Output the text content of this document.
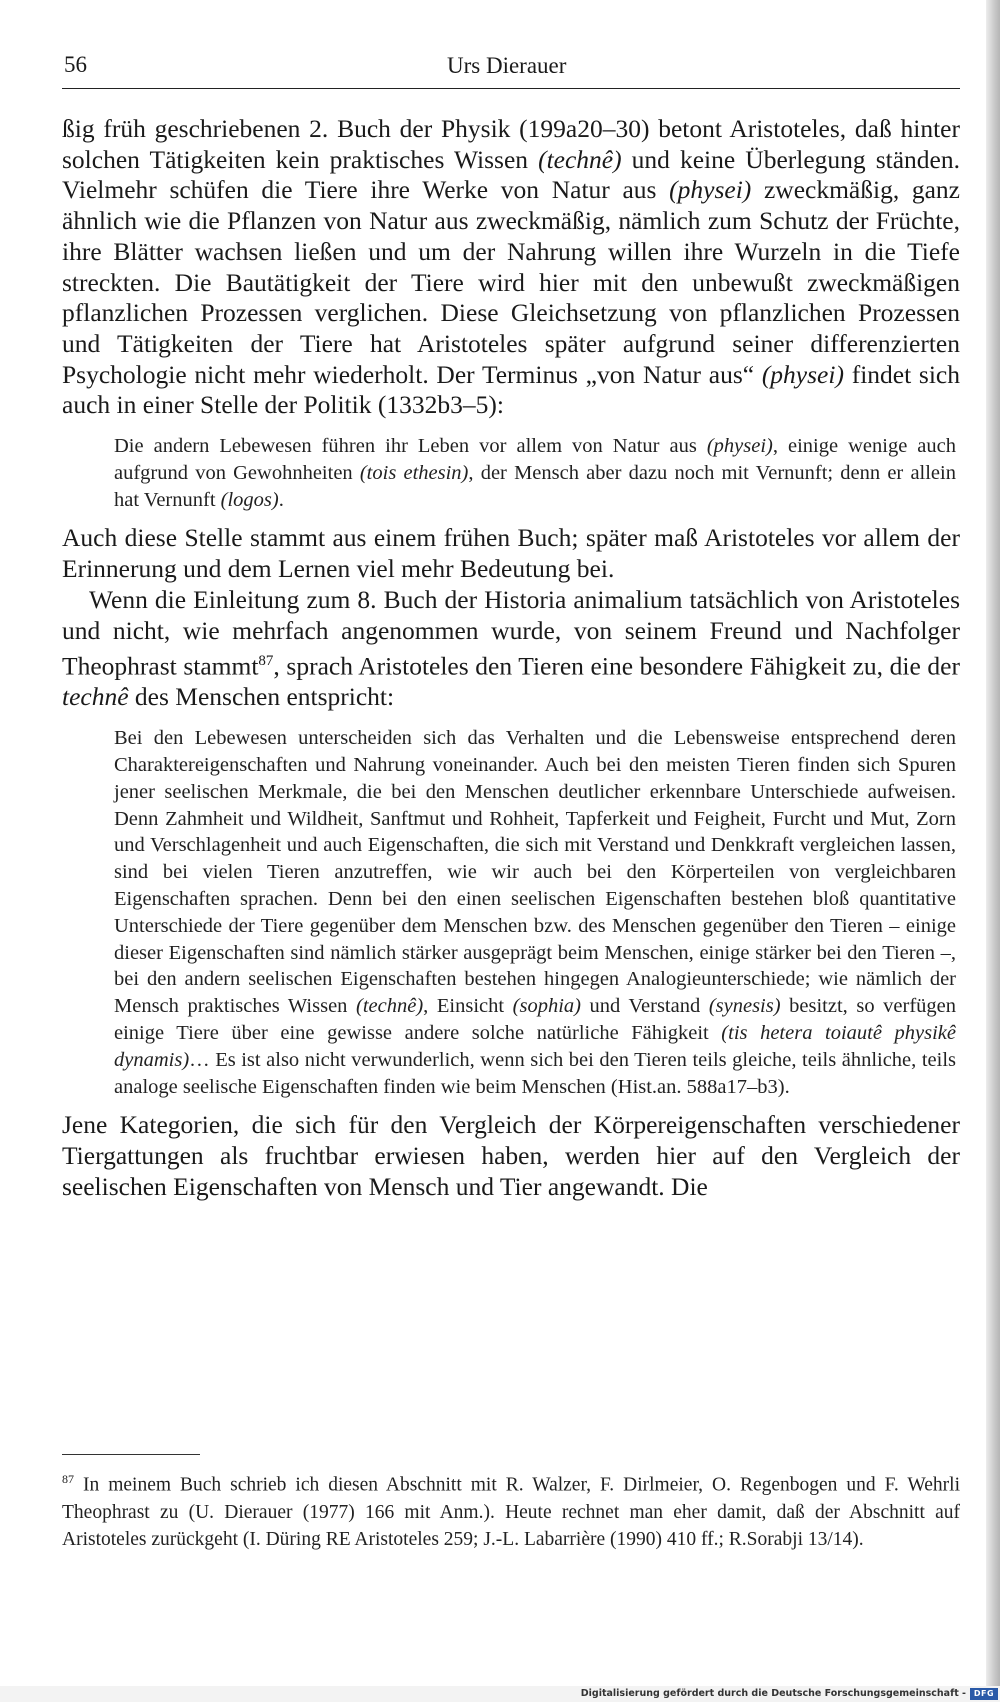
56	Urs Dierauer

ßig früh geschriebenen 2. Buch der Physik (199a20–30) betont Aristoteles, daß hinter solchen Tätigkeiten kein praktisches Wissen (technê) und keine Überlegung ständen. Vielmehr schüfen die Tiere ihre Werke von Natur aus (physei) zweckmäßig, ganz ähnlich wie die Pflanzen von Natur aus zweckmäßig, nämlich zum Schutz der Früchte, ihre Blätter wachsen ließen und um der Nahrung willen ihre Wurzeln in die Tiefe streckten. Die Bautätigkeit der Tiere wird hier mit den unbewußt zweckmäßigen pflanzlichen Prozessen verglichen. Diese Gleichsetzung von pflanzlichen Prozessen und Tätigkeiten der Tiere hat Aristoteles später aufgrund seiner differenzierten Psychologie nicht mehr wiederholt. Der Terminus „von Natur aus“ (physei) findet sich auch in einer Stelle der Politik (1332b3–5):

Die andern Lebewesen führen ihr Leben vor allem von Natur aus (physei), einige wenige auch aufgrund von Gewohnheiten (tois ethesin), der Mensch aber dazu noch mit Vernunft; denn er allein hat Vernunft (logos).

Auch diese Stelle stammt aus einem frühen Buch; später maß Aristoteles vor allem der Erinnerung und dem Lernen viel mehr Bedeutung bei.

Wenn die Einleitung zum 8. Buch der Historia animalium tatsächlich von Aristoteles und nicht, wie mehrfach angenommen wurde, von seinem Freund und Nachfolger Theophrast stammt$^{87}$, sprach Aristoteles den Tieren eine besondere Fähigkeit zu, die der technê des Menschen entspricht:

Bei den Lebewesen unterscheiden sich das Verhalten und die Lebensweise entsprechend deren Charaktereigenschaften und Nahrung voneinander. Auch bei den meisten Tieren finden sich Spuren jener seelischen Merkmale, die bei den Menschen deutlicher erkennbare Unterschiede aufweisen. Denn Zahmheit und Wildheit, Sanftmut und Rohheit, Tapferkeit und Feigheit, Furcht und Mut, Zorn und Verschlagenheit und auch Eigenschaften, die sich mit Verstand und Denkkraft vergleichen lassen, sind bei vielen Tieren anzutreffen, wie wir auch bei den Körperteilen von vergleichbaren Eigenschaften sprachen. Denn bei den einen seelischen Eigenschaften bestehen bloß quantitative Unterschiede der Tiere gegenüber dem Menschen bzw. des Menschen gegenüber den Tieren – einige dieser Eigenschaften sind nämlich stärker ausgeprägt beim Menschen, einige stärker bei den Tieren –, bei den andern seelischen Eigenschaften bestehen hingegen Analogieunterschiede; wie nämlich der Mensch praktisches Wissen (technê), Einsicht (sophia) und Verstand (synesis) besitzt, so verfügen einige Tiere über eine gewisse andere solche natürliche Fähigkeit (tis hetera toiautê physikê dynamis)… Es ist also nicht verwunderlich, wenn sich bei den Tieren teils gleiche, teils ähnliche, teils analoge seelische Eigenschaften finden wie beim Menschen (Hist.an. 588a17–b3).

Jene Kategorien, die sich für den Vergleich der Körpereigenschaften verschiedener Tiergattungen als fruchtbar erwiesen haben, werden hier auf den Vergleich der seelischen Eigenschaften von Mensch und Tier angewandt. Die

$^{87}$ In meinem Buch schrieb ich diesen Abschnitt mit R. Walzer, F. Dirlmeier, O. Regenbogen und F. Wehrli Theophrast zu (U. Dierauer (1977) 166 mit Anm.). Heute rechnet man eher damit, daß der Abschnitt auf Aristoteles zurückgeht (I. Düring RE Aristoteles 259; J.-L. Labarrière (1990) 410 ff.; R.Sorabji 13/14).

Digitalisierung gefördert durch die Deutsche Forschungsgemeinschaft - DFG
